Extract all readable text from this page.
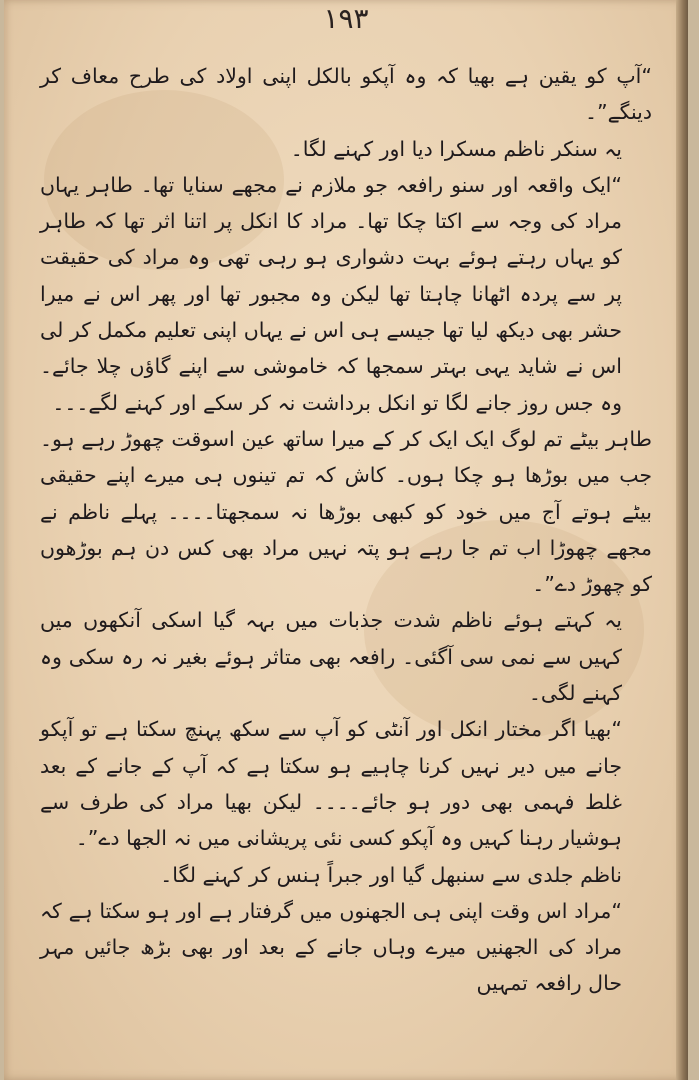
۱۹۳

“آپ کو یقین ہے بھیا کہ وہ آپکو بالکل اپنی اولاد کی طرح معاف کر دینگے”۔

یہ سنکر ناظم مسکرا دیا اور کہنے لگا۔

“ایک واقعہ اور سنو رافعہ جو ملازم نے مجھے سنایا تھا۔ طاہر یہاں مراد کی وجہ سے اکتا چکا تھا۔ مراد کا انکل پر اتنا اثر تھا کہ طاہر کو یہاں رہتے ہوئے بہت دشواری ہو رہی تھی وہ مراد کی حقیقت پر سے پردہ اٹھانا چاہتا تھا لیکن وہ مجبور تھا اور پھر اس نے میرا حشر بھی دیکھ لیا تھا جیسے ہی اس نے یہاں اپنی تعلیم مکمل کر لی اس نے شاید یہی بہتر سمجھا کہ خاموشی سے اپنے گاؤں چلا جائے۔ وہ جس روز جانے لگا تو انکل برداشت نہ کر سکے اور کہنے لگے۔۔۔

طاہر بیٹے تم لوگ ایک ایک کر کے میرا ساتھ عین اسوقت چھوڑ رہے ہو۔ جب میں بوڑھا ہو چکا ہوں۔ کاش کہ تم تینوں ہی میرے اپنے حقیقی بیٹے ہوتے آج میں خود کو کبھی بوڑھا نہ سمجھتا۔۔۔۔ پہلے ناظم نے مجھے چھوڑا اب تم جا رہے ہو پتہ نہیں مراد بھی کس دن ہم بوڑھوں کو چھوڑ دے”۔

یہ کہتے ہوئے ناظم شدت جذبات میں بہہ گیا اسکی آنکھوں میں کہیں سے نمی سی آگئی۔ رافعہ بھی متاثر ہوئے بغیر نہ رہ سکی وہ کہنے لگی۔

“بھیا اگر مختار انکل اور آنٹی کو آپ سے سکھ پہنچ سکتا ہے تو آپکو جانے میں دیر نہیں کرنا چاہیے ہو سکتا ہے کہ آپ کے جانے کے بعد غلط فہمی بھی دور ہو جائے۔۔۔۔ لیکن بھیا مراد کی طرف سے ہوشیار رہنا کہیں وہ آپکو کسی نئی پریشانی میں نہ الجھا دے”۔

ناظم جلدی سے سنبھل گیا اور جبراً ہنس کر کہنے لگا۔

“مراد اس وقت اپنی ہی الجھنوں میں گرفتار ہے اور ہو سکتا ہے کہ مراد کی الجھنیں میرے وہاں جانے کے بعد اور بھی بڑھ جائیں مہر حال رافعہ تمہیں
